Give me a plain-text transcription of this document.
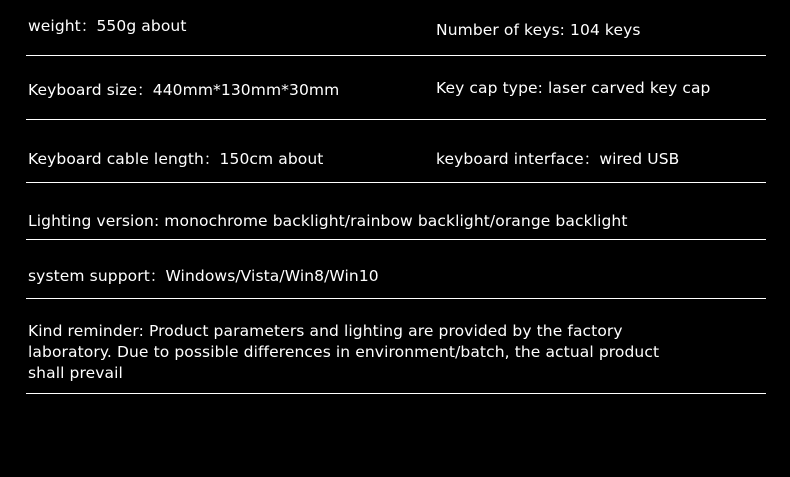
weight：550g about	Number of keys: 104 keys
Keyboard size：440mm*130mm*30mm	Key cap type: laser carved key cap
Keyboard cable length：150cm about	keyboard interface：wired USB
Lighting version: monochrome backlight/rainbow backlight/orange backlight
system support：Windows/Vista/Win8/Win10
Kind reminder: Product parameters and lighting are provided by the factory laboratory. Due to possible differences in environment/batch, the actual product shall prevail
